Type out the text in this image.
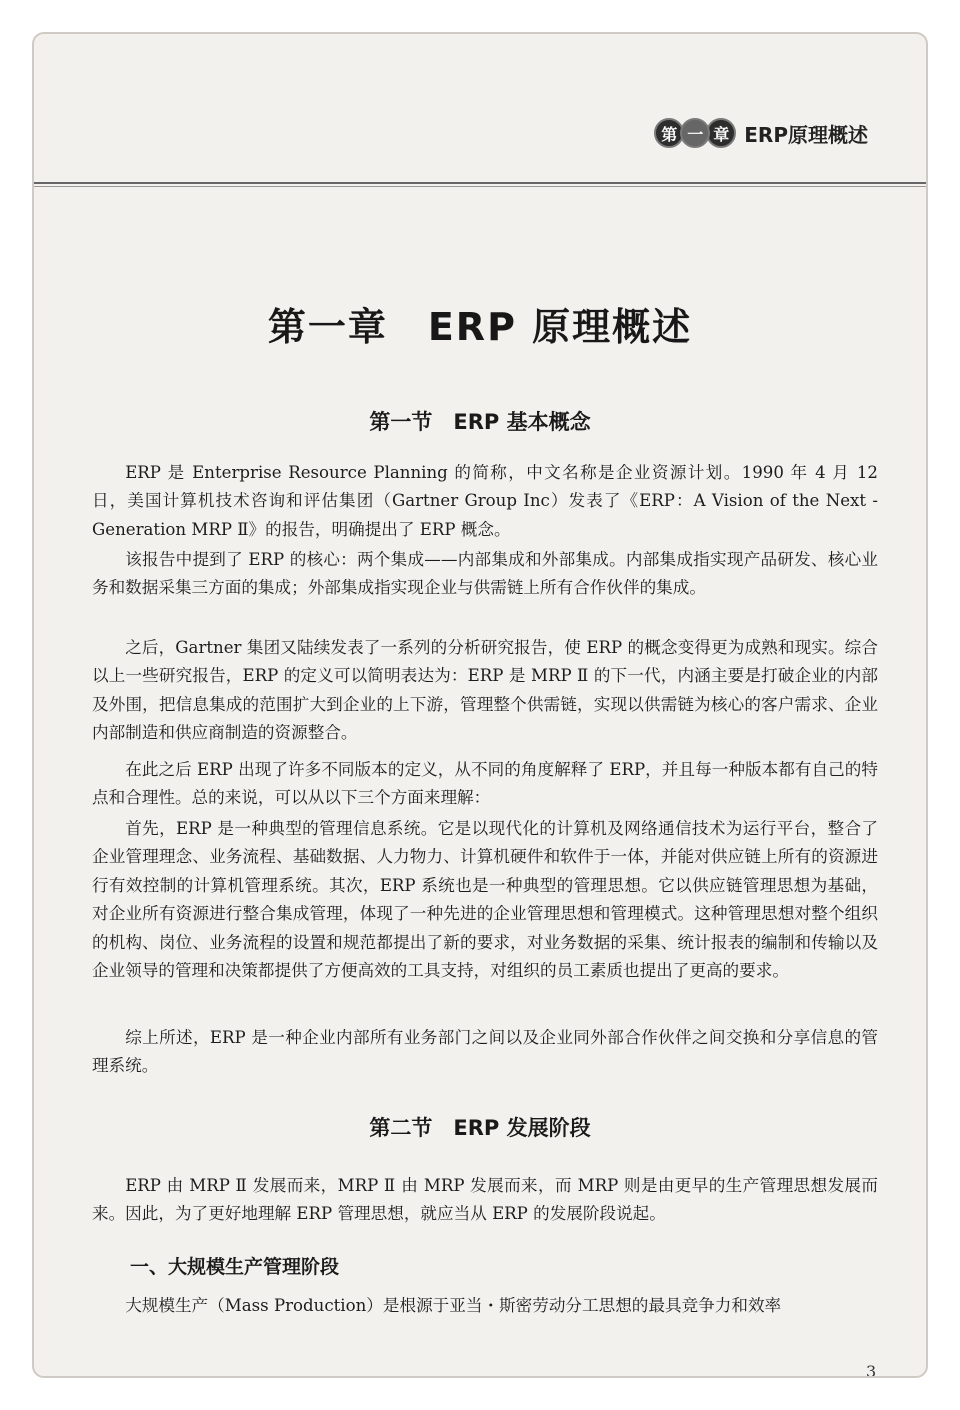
第 一 章 ERP原理概述
第一章　ERP 原理概述
第一节　ERP 基本概念

ERP 是 Enterprise Resource Planning 的简称，中文名称是企业资源计划。1990 年 4 月 12 日，美国计算机技术咨询和评估集团（Gartner Group Inc）发表了《ERP：A Vision of the Next - Generation MRP Ⅱ》的报告，明确提出了 ERP 概念。

该报告中提到了 ERP 的核心：两个集成——内部集成和外部集成。内部集成指实现产品研发、核心业务和数据采集三方面的集成；外部集成指实现企业与供需链上所有合作伙伴的集成。

之后，Gartner 集团又陆续发表了一系列的分析研究报告，使 ERP 的概念变得更为成熟和现实。综合以上一些研究报告，ERP 的定义可以简明表达为：ERP 是 MRP Ⅱ 的下一代，内涵主要是打破企业的内部及外围，把信息集成的范围扩大到企业的上下游，管理整个供需链，实现以供需链为核心的客户需求、企业内部制造和供应商制造的资源整合。

在此之后 ERP 出现了许多不同版本的定义，从不同的角度解释了 ERP，并且每一种版本都有自己的特点和合理性。总的来说，可以从以下三个方面来理解：

首先，ERP 是一种典型的管理信息系统。它是以现代化的计算机及网络通信技术为运行平台，整合了企业管理理念、业务流程、基础数据、人力物力、计算机硬件和软件于一体，并能对供应链上所有的资源进行有效控制的计算机管理系统。其次，ERP 系统也是一种典型的管理思想。它以供应链管理思想为基础，对企业所有资源进行整合集成管理，体现了一种先进的企业管理思想和管理模式。这种管理思想对整个组织的机构、岗位、业务流程的设置和规范都提出了新的要求，对业务数据的采集、统计报表的编制和传输以及企业领导的管理和决策都提供了方便高效的工具支持，对组织的员工素质也提出了更高的要求。

综上所述，ERP 是一种企业内部所有业务部门之间以及企业同外部合作伙伴之间交换和分享信息的管理系统。

第二节　ERP 发展阶段

ERP 由 MRP Ⅱ 发展而来，MRP Ⅱ 由 MRP 发展而来，而 MRP 则是由更早的生产管理思想发展而来。因此，为了更好地理解 ERP 管理思想，就应当从 ERP 的发展阶段说起。

一、大规模生产管理阶段

大规模生产（Mass Production）是根源于亚当・斯密劳动分工思想的最具竞争力和效率

3
